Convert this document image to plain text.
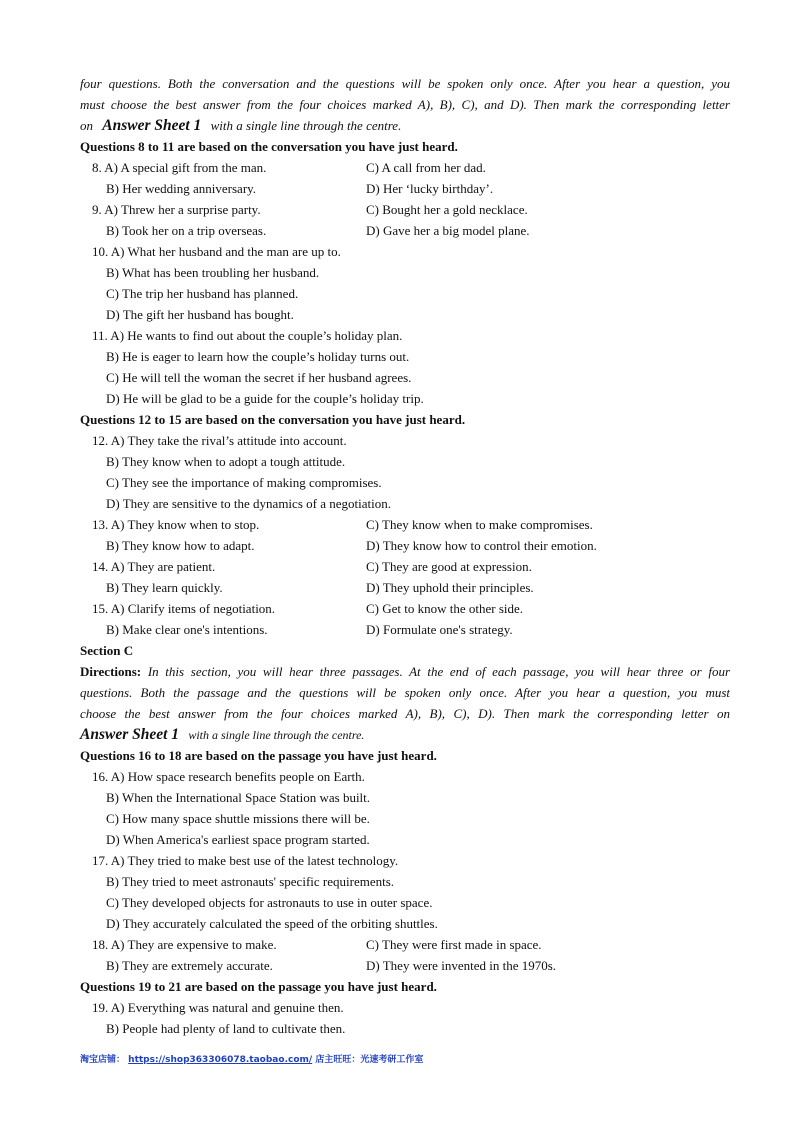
four questions. Both the conversation and the questions will be spoken only once. After you hear a question, you
must choose the best answer from the four choices marked A), B), C), and D). Then mark the corresponding letter
on Answer Sheet 1 with a single line through the centre.
Questions 8 to 11 are based on the conversation you have just heard.
8. A) A special gift from the man.	C) A call from her dad.
B) Her wedding anniversary.	D) Her ‘lucky birthday’.
9. A) Threw her a surprise party.	C) Bought her a gold necklace.
B) Took her on a trip overseas.	D) Gave her a big model plane.
10. A) What her husband and the man are up to.
B) What has been troubling her husband.
C) The trip her husband has planned.
D) The gift her husband has bought.
11. A) He wants to find out about the couple’s holiday plan.
B) He is eager to learn how the couple’s holiday turns out.
C) He will tell the woman the secret if her husband agrees.
D) He will be glad to be a guide for the couple’s holiday trip.
Questions 12 to 15 are based on the conversation you have just heard.
12. A) They take the rival’s attitude into account.
B) They know when to adopt a tough attitude.
C) They see the importance of making compromises.
D) They are sensitive to the dynamics of a negotiation.
13. A) They know when to stop.	C) They know when to make compromises.
B) They know how to adapt.	D) They know how to control their emotion.
14. A) They are patient.	C) They are good at expression.
B) They learn quickly.	D) They uphold their principles.
15. A) Clarify items of negotiation.	C) Get to know the other side.
B) Make clear one's intentions.	D) Formulate one's strategy.
Section C
Directions: In this section, you will hear three passages. At the end of each passage, you will hear three or four
questions. Both the passage and the questions will be spoken only once. After you hear a question, you must
choose the best answer from the four choices marked A), B), C), D). Then mark the corresponding letter on
Answer Sheet 1 with a single line through the centre.
Questions 16 to 18 are based on the passage you have just heard.
16. A) How space research benefits people on Earth.
B) When the International Space Station was built.
C) How many space shuttle missions there will be.
D) When America's earliest space program started.
17. A) They tried to make best use of the latest technology.
B) They tried to meet astronauts' specific requirements.
C) They developed objects for astronauts to use in outer space.
D) They accurately calculated the speed of the orbiting shuttles.
18. A) They are expensive to make.	C) They were first made in space.
B) They are extremely accurate.	D) They were invented in the 1970s.
Questions 19 to 21 are based on the passage you have just heard.
19. A) Everything was natural and genuine then.
B) People had plenty of land to cultivate then.
淘宝店铺： https://shop363306078.taobao.com/ 店主旺旺：光速考研工作室
